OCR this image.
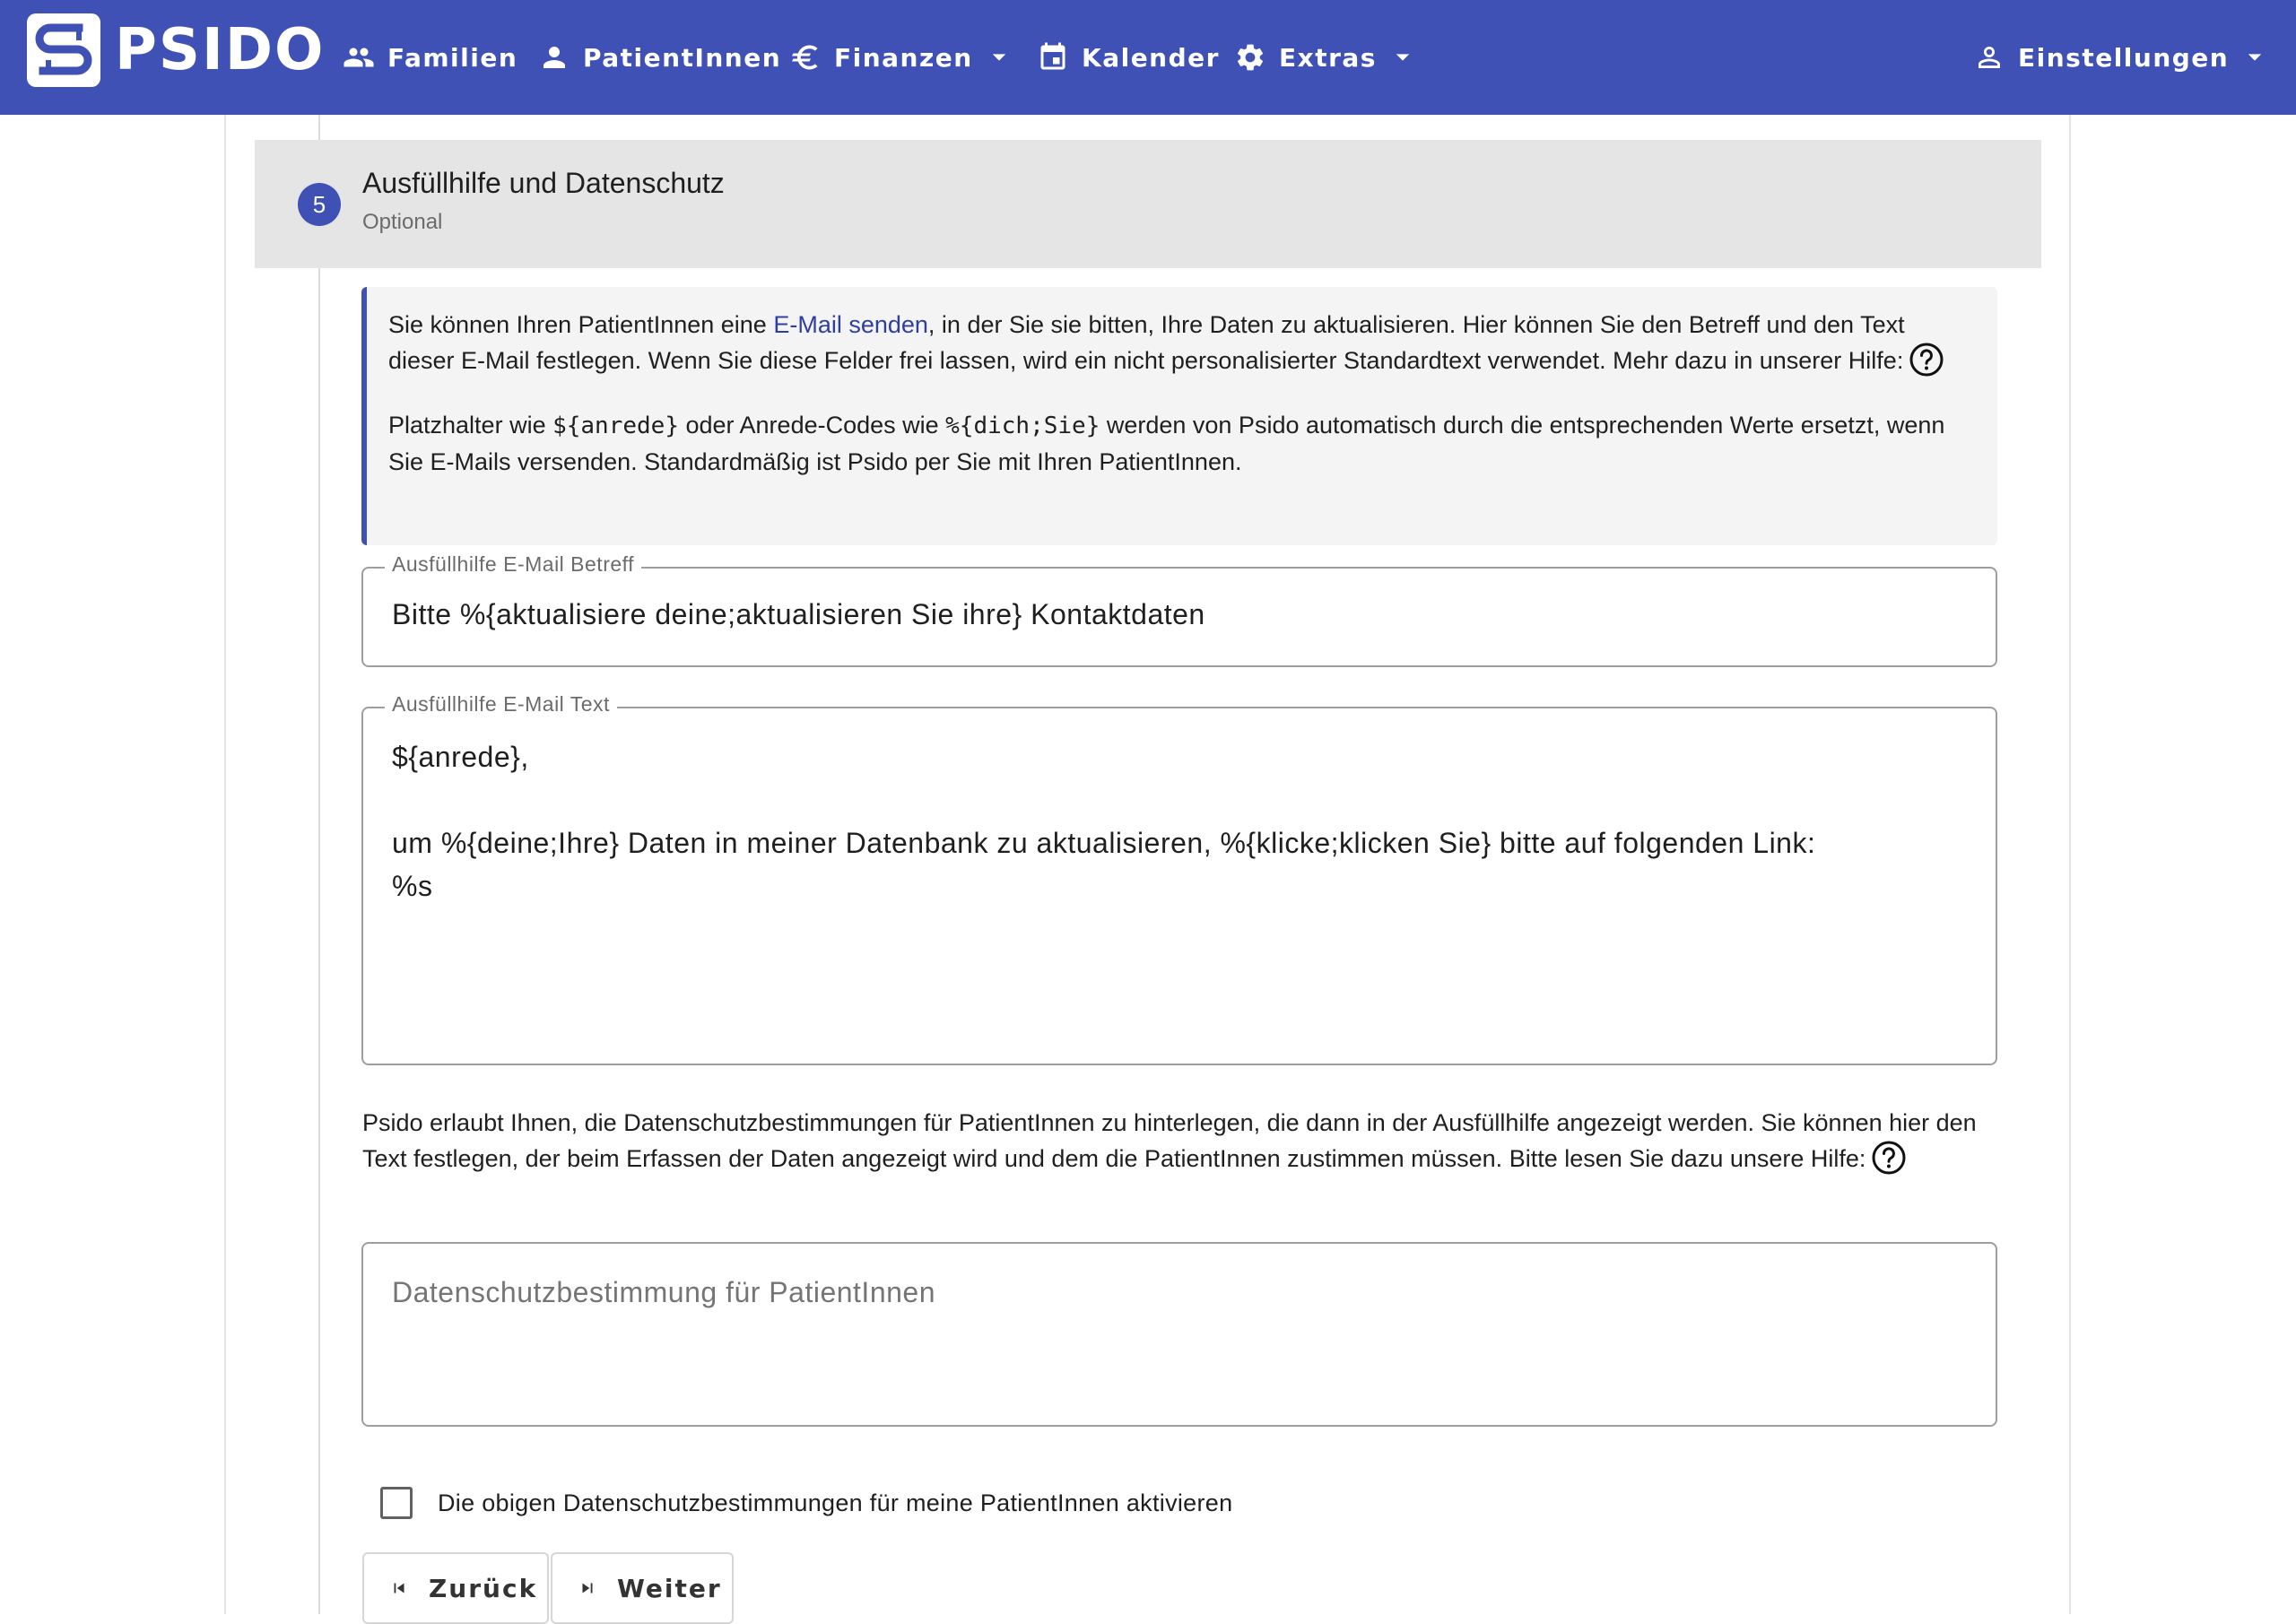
PSIDO Familien	PatientInnen Finanzen	Kalender Extras	Einstellungen
5
Ausfüllhilfe und Datenschutz
Optional

Sie können Ihren PatientInnen eine E-Mail senden, in der Sie sie bitten, Ihre Daten zu aktualisieren. Hier können Sie den Betreff und den Text dieser E-Mail festlegen. Wenn Sie diese Felder frei lassen, wird ein nicht personalisierter Standardtext verwendet. Mehr dazu in unserer Hilfe:

Platzhalter wie ${anrede} oder Anrede-Codes wie %{dich;Sie} werden von Psido automatisch durch die entsprechenden Werte ersetzt, wenn Sie E-Mails versenden. Standardmäßig ist Psido per Sie mit Ihren PatientInnen.

Ausfüllhilfe E-Mail Betreff
Bitte %{aktualisiere deine;aktualisieren Sie ihre} Kontaktdaten
Ausfüllhilfe E-Mail Text
${anrede},
um %{deine;Ihre} Daten in meiner Datenbank zu aktualisieren, %{klicke;klicken Sie} bitte auf folgenden Link:
%s
Psido erlaubt Ihnen, die Datenschutzbestimmungen für PatientInnen zu hinterlegen, die dann in der Ausfüllhilfe angezeigt werden. Sie können hier den Text festlegen, der beim Erfassen der Daten angezeigt wird und dem die PatientInnen zustimmen müssen. Bitte lesen Sie dazu unsere Hilfe:
Datenschutzbestimmung für PatientInnen
Die obigen Datenschutzbestimmungen für meine PatientInnen aktivieren
Zurück	Weiter
